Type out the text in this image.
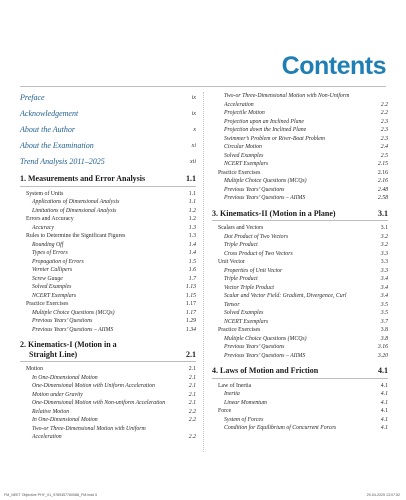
Contents
Preface	ix
Acknowledgement	ix
About the Author	x
About the Examination	xi
Trend Analysis 2011–2025	xii
1. Measurements and Error Analysis	1.1
System of Units	1.1
Applications of Dimensional Analysis	1.1
Limitations of Dimensional Analysis	1.2
Errors and Accuracy	1.2
Accuracy	1.3
Rules to Determine the Significant Figures	1.3
Rounding Off	1.4
Types of Errors	1.4
Propagation of Errors	1.5
Vernier Callipers	1.6
Screw Gauge	1.7
Solved Examples	1.13
NCERT Exemplars	1.15
Practice Exercises	1.17
Multiple Choice Questions (MCQs)	1.17
Previous Years’ Questions	1.29
Previous Years’ Questions – AIIMS	1.34
2. Kinematics-I (Motion in a
Straight Line)	2.1
Motion	2.1
In One-Dimensional Motion	2.1
One-Dimensional Motion with Uniform Acceleration	2.1
Motion under Gravity	2.1
One-Dimensional Motion with Non-uniform Acceleration	2.1
Relative Motion	2.2
In One-Dimensional Motion	2.2
Two-or Three-Dimensional Motion with Uniform Acceleration	2.2
Two-or Three-Dimensional Motion with Non-Uniform Acceleration	2.2
Projectile Motion	2.2
Projection upon an Inclined Plane	2.3
Projection down the Inclined Plane	2.3
Swimmer’s Problem or River-Boat Problem	2.3
Circular Motion	2.4
Solved Examples	2.5
NCERT Exemplars	2.15
Practice Exercises	2.16
Multiple Choice Questions (MCQs)	2.16
Previous Years’ Questions	2.48
Previous Years’ Questions – AIIMS	2.58
3. Kinematics-II (Motion in a Plane)	3.1
Scalars and Vectors	3.1
Dot Product of Two Vectors	3.2
Triple Product	3.2
Cross Product of Two Vectors	3.3
Unit Vector	3.3
Properties of Unit Vector	3.3
Triple Product	3.4
Vector Triple Product	3.4
Scalar and Vector Field: Gradient, Divergence, Curl	3.4
Tensor	3.5
Solved Examples	3.5
NCERT Exemplars	3.7
Practice Exercises	3.8
Multiple Choice Questions (MCQs)	3.8
Previous Years’ Questions	3.16
Previous Years’ Questions – AIIMS	3.20
4. Laws of Motion and Friction	4.1
Law of Inertia	4.1
Inertia	4.1
Linear Momentum	4.1
Force	4.1
System of Forces	4.1
Condition for Equilibrium of Concurrent Forces	4.1
FM_NEET Objective PHY_01_9789357760088_FM.indd 5	29-04-2025 13:07:52
